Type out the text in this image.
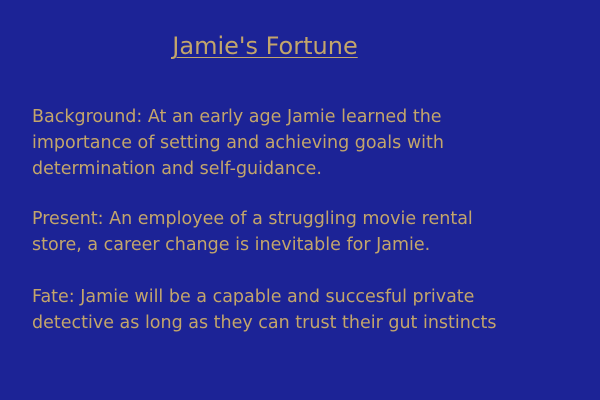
Jamie's Fortune

Background: At an early age Jamie learned the
importance of setting and achieving goals with
determination and self-guidance.

Present: An employee of a struggling movie rental
store, a career change is inevitable for Jamie.

Fate: Jamie will be a capable and succesful private
detective as long as they can trust their gut instincts
